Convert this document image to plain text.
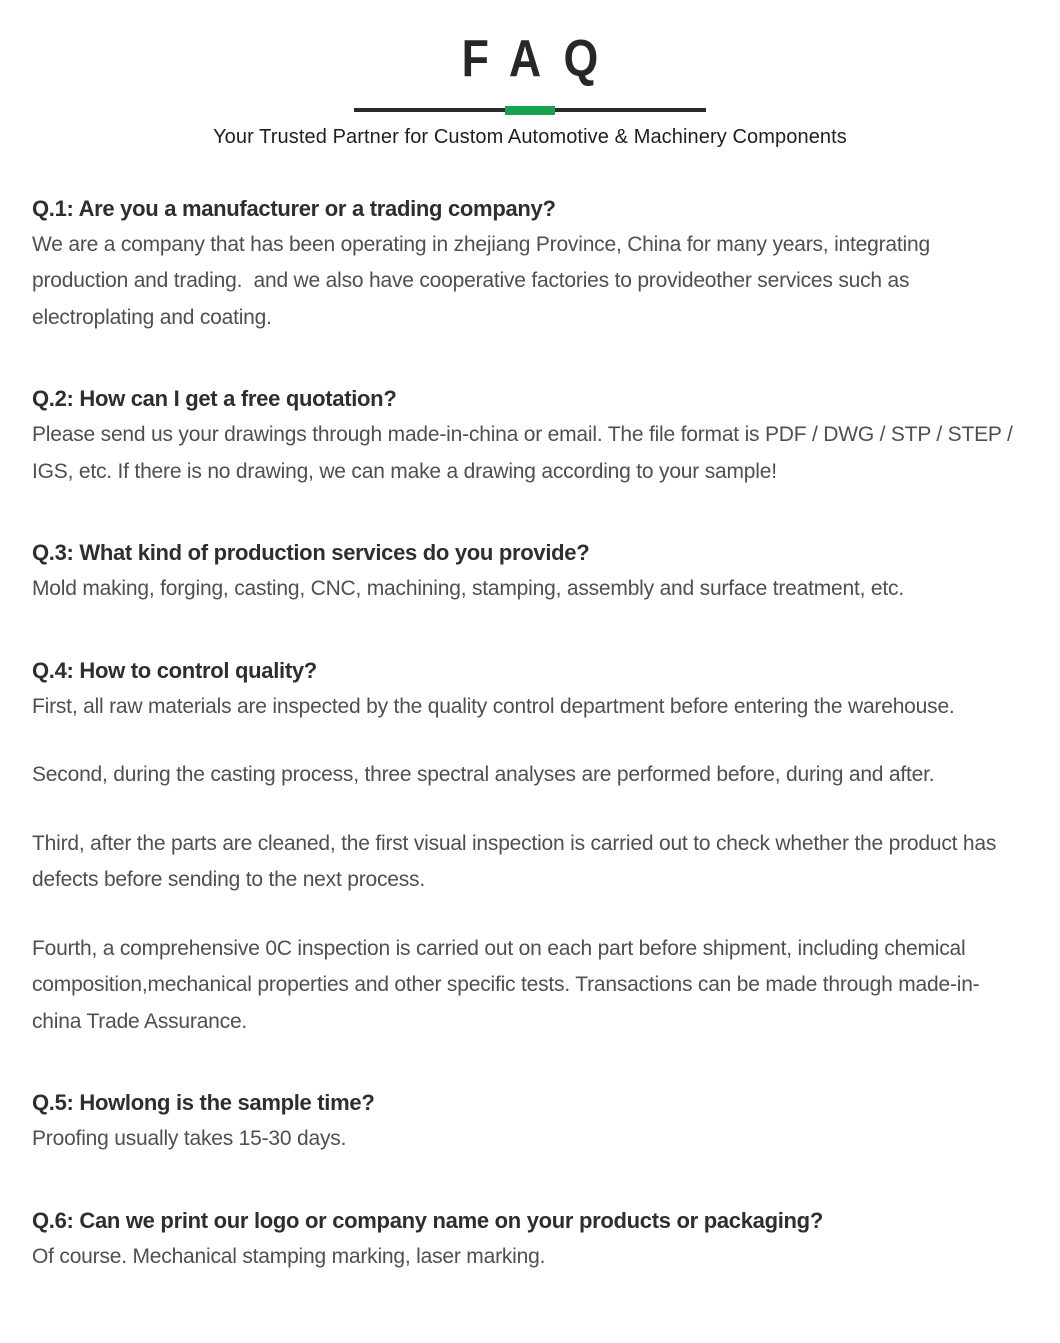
FAQ
Your Trusted Partner for Custom Automotive & Machinery Components

Q.1: Are you a manufacturer or a trading company?

We are a company that has been operating in zhejiang Province, China for many years, integrating production and trading.  and we also have cooperative factories to provideother services such as electroplating and coating.

Q.2: How can I get a free quotation?

Please send us your drawings through made-in-china or email. The file format is PDF / DWG / STP / STEP / IGS, etc. If there is no drawing, we can make a drawing according to your sample!

Q.3: What kind of production services do you provide?

Mold making, forging, casting, CNC, machining, stamping, assembly and surface treatment, etc.

Q.4: How to control quality?

First, all raw materials are inspected by the quality control department before entering the warehouse.

Second, during the casting process, three spectral analyses are performed before, during and after.

Third, after the parts are cleaned, the first visual inspection is carried out to check whether the product has defects before sending to the next process.

Fourth, a comprehensive 0C inspection is carried out on each part before shipment, including chemical composition,mechanical properties and other specific tests. Transactions can be made through made-in-china Trade Assurance.

Q.5: Howlong is the sample time?

Proofing usually takes 15-30 days.

Q.6: Can we print our logo or company name on your products or packaging?

Of course. Mechanical stamping marking, laser marking.
